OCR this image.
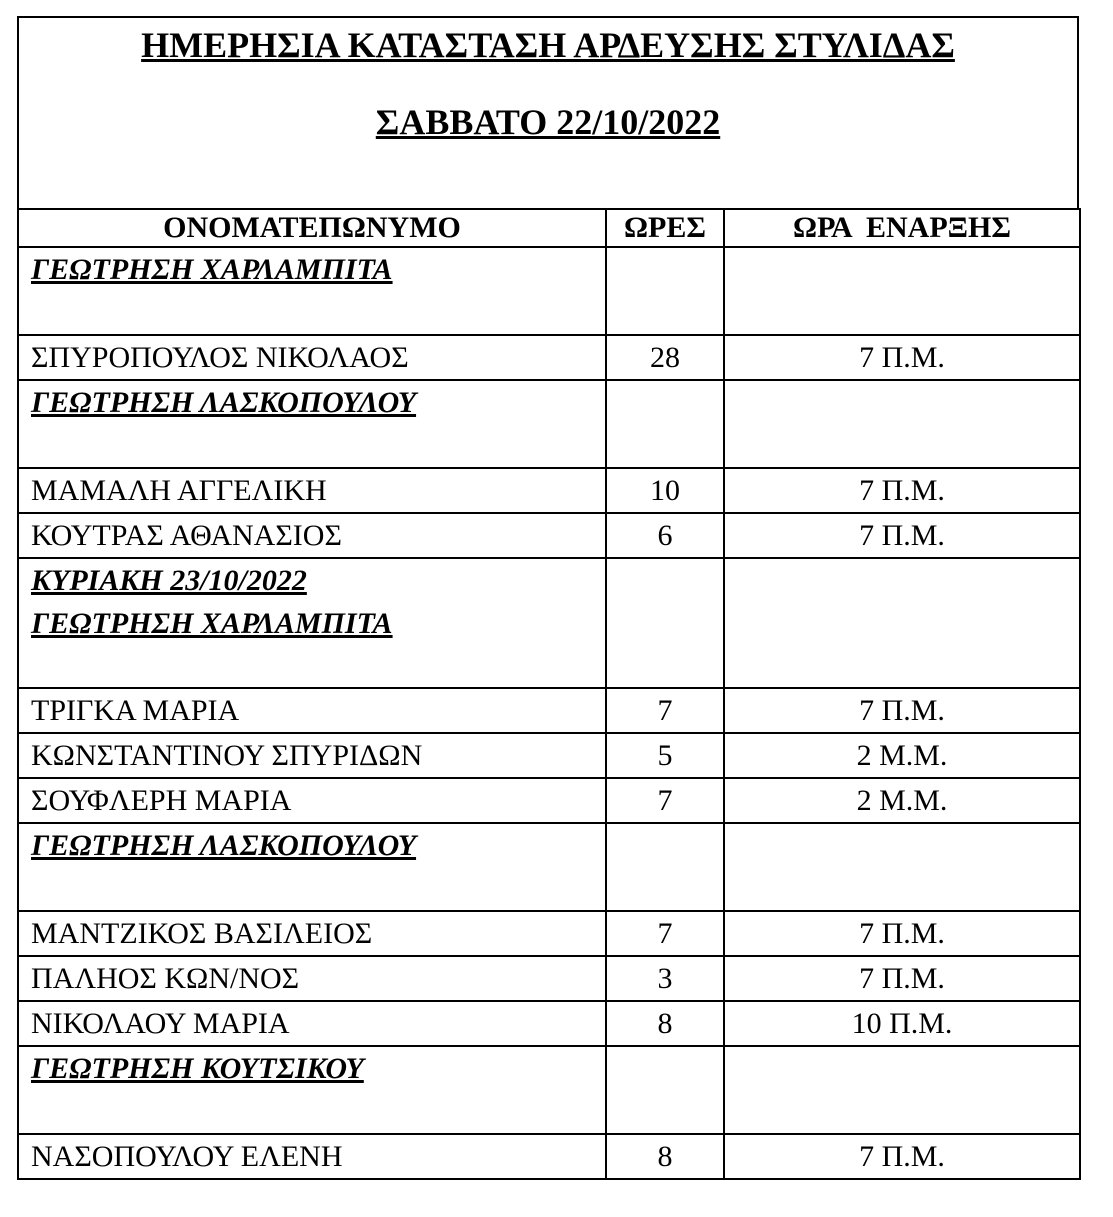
ΗΜΕΡΗΣΙΑ ΚΑΤΑΣΤΑΣΗ ΑΡΔΕΥΣΗΣ ΣΤΥΛΙΔΑΣ
ΣΑΒΒΑΤΟ 22/10/2022
ΟΝΟΜΑΤΕΠΩΝΥΜΟ	ΩΡΕΣ	ΩΡΑ  ΕΝΑΡΞΗΣ

ΓΕΩΤΡΗΣΗ ΧΑΡΛΑΜΠΙΤΑ		

ΣΠΥΡΟΠΟΥΛΟΣ ΝΙΚΟΛΑΟΣ	28	7 Π.Μ.

ΓΕΩΤΡΗΣΗ ΛΑΣΚΟΠΟΥΛΟΥ		

ΜΑΜΑΛΗ ΑΓΓΕΛΙΚΗ	10	7 Π.Μ.
ΚΟΥΤΡΑΣ ΑΘΑΝΑΣΙΟΣ	6	7 Π.Μ.

ΚΥΡΙΑΚΗ 23/10/2022
ΓΕΩΤΡΗΣΗ ΧΑΡΛΑΜΠΙΤΑ		

ΤΡΙΓΚΑ ΜΑΡΙΑ	7	7 Π.Μ.
ΚΩΝΣΤΑΝΤΙΝΟΥ ΣΠΥΡΙΔΩΝ	5	2 Μ.Μ.
ΣΟΥΦΛΕΡΗ ΜΑΡΙΑ	7	2 Μ.Μ.

ΓΕΩΤΡΗΣΗ ΛΑΣΚΟΠΟΥΛΟΥ		

ΜΑΝΤΖΙΚΟΣ ΒΑΣΙΛΕΙΟΣ	7	7 Π.Μ.
ΠΑΛΗΟΣ ΚΩΝ/ΝΟΣ	3	7 Π.Μ.
ΝΙΚΟΛΑΟΥ ΜΑΡΙΑ	8	10 Π.Μ.

ΓΕΩΤΡΗΣΗ ΚΟΥΤΣΙΚΟΥ		

ΝΑΣΟΠΟΥΛΟΥ ΕΛΕΝΗ	8	7 Π.Μ.
